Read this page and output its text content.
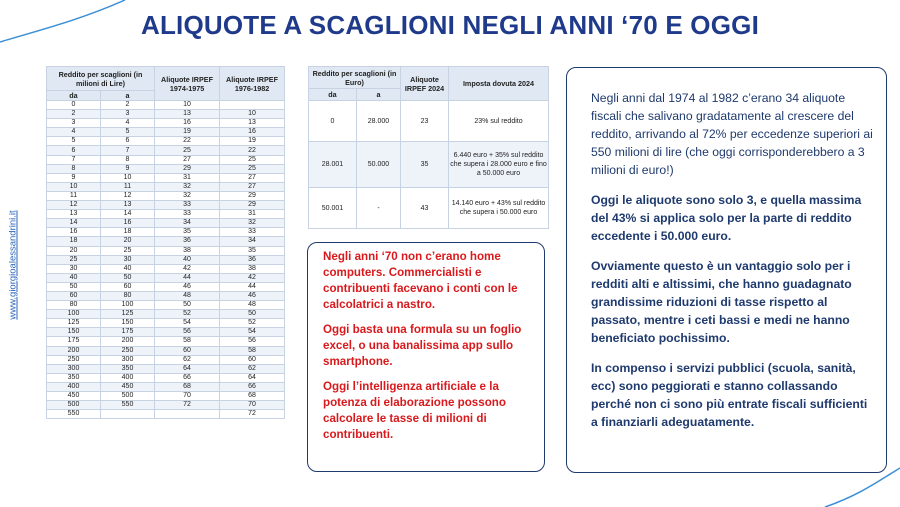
ALIQUOTE A SCAGLIONI NEGLI ANNI ‘70 E OGGI
www.giorgioalessandrini.it
Reddito per scaglioni (in milioni di Lire)		Aliquote IRPEF 1974-1975	Aliquote IRPEF 1976-1982
da	a		
0	2	10	
2	3	13	10
3	4	16	13
4	5	19	16
5	6	22	19
6	7	25	22
7	8	27	25
8	9	29	25
9	10	31	27
10	11	32	27
11	12	32	29
12	13	33	29
13	14	33	31
14	16	34	32
16	18	35	33
18	20	36	34
20	25	38	35
25	30	40	36
30	40	42	38
40	50	44	42
50	60	46	44
60	80	48	46
80	100	50	48
100	125	52	50
125	150	54	52
150	175	56	54
175	200	58	56
200	250	60	58
250	300	62	60
300	350	64	62
350	400	66	64
400	450	68	66
450	500	70	68
500	550	72	70
550			72
Reddito per scaglioni (in Euro)		Aliquote IRPEF 2024	Imposta dovuta 2024
da	a		
0	28.000	23	23% sul reddito
28.001	50.000	35	6.440 euro + 35% sul reddito che supera i 28.000 euro e fino a 50.000 euro
50.001	-	43	14.140 euro + 43% sul reddito che supera i 50.000 euro

Negli anni ‘70 non c’erano home computers. Commercialisti e contribuenti facevano i conti con le calcolatrici a nastro.

Oggi basta una formula su un foglio excel, o una banalissima app sullo smartphone.

Oggi l’intelligenza artificiale e la potenza di elaborazione possono calcolare le tasse di milioni di contribuenti.

Negli anni dal 1974 al 1982 c’erano 34 aliquote fiscali che salivano gradatamente al crescere del reddito, arrivando al 72% per eccedenze superiori ai 550 milioni di lire (che oggi corrisponderebbero a 3 milioni di euro!)

Oggi le aliquote sono solo 3, e quella massima del 43% si applica solo per la parte di reddito eccedente i 50.000 euro.

Ovviamente questo è un vantaggio solo per i redditi alti e altissimi, che hanno guadagnato grandissime riduzioni di tasse rispetto al passato, mentre i ceti bassi e medi ne hanno beneficiato pochissimo.

In compenso i servizi pubblici (scuola, sanità, ecc) sono peggiorati e stanno collassando perché non ci sono più entrate fiscali sufficienti a finanziarli adeguatamente.
